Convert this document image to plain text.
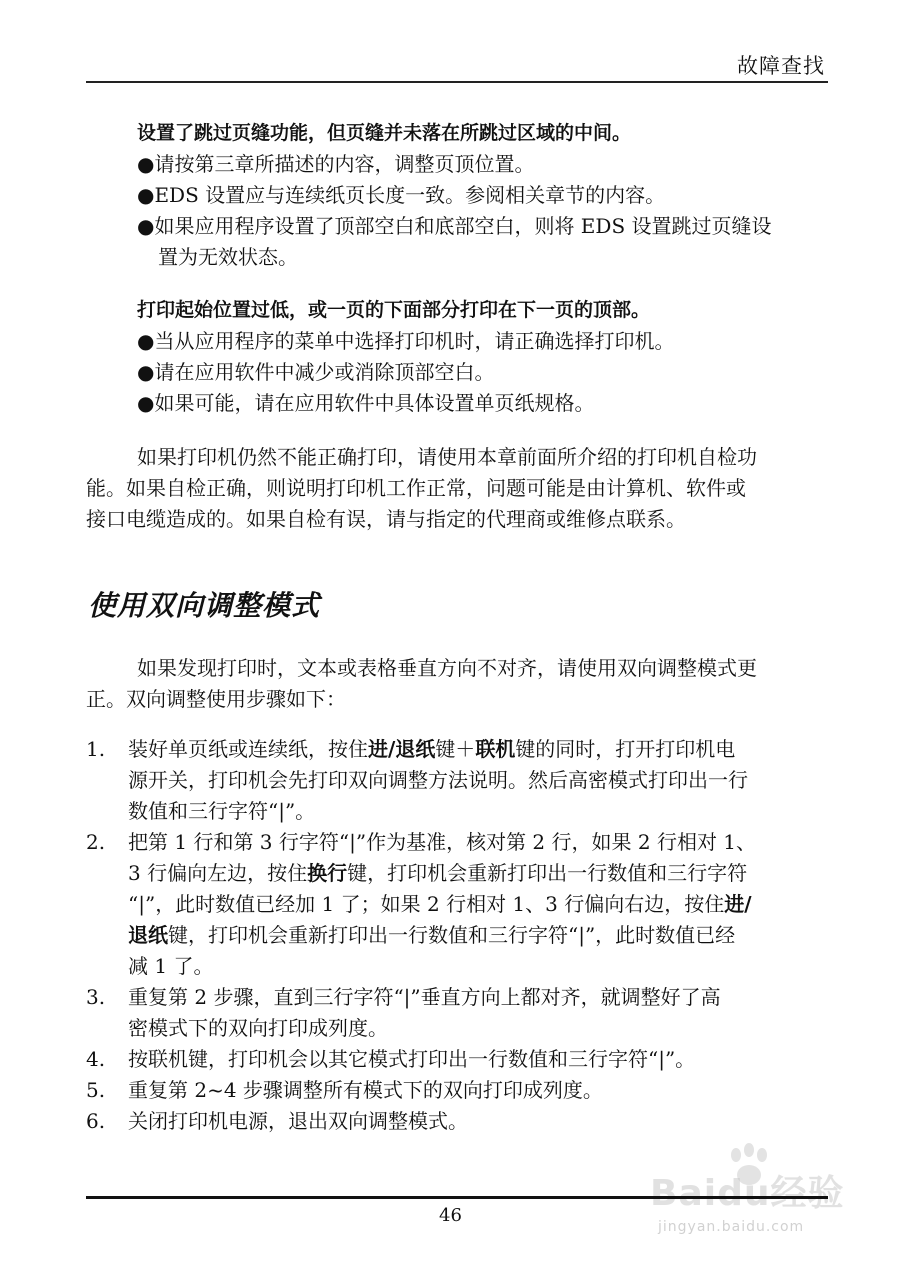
故障查找

设置了跳过页缝功能，但页缝并未落在所跳过区域的中间。

●请按第三章所描述的内容，调整页顶位置。

●EDS 设置应与连续纸页长度一致。参阅相关章节的内容。

●如果应用程序设置了顶部空白和底部空白，则将 EDS 设置跳过页缝设

置为无效状态。

打印起始位置过低，或一页的下面部分打印在下一页的顶部。

●当从应用程序的菜单中选择打印机时，请正确选择打印机。

●请在应用软件中减少或消除顶部空白。

●如果可能，请在应用软件中具体设置单页纸规格。

如果打印机仍然不能正确打印，请使用本章前面所介绍的打印机自检功

能。如果自检正确，则说明打印机工作正常，问题可能是由计算机、软件或

接口电缆造成的。如果自检有误，请与指定的代理商或维修点联系。

使用双向调整模式

如果发现打印时，文本或表格垂直方向不对齐，请使用双向调整模式更

正。双向调整使用步骤如下：

1. 装好单页纸或连续纸，按住进/退纸键＋联机键的同时，打开打印机电

源开关，打印机会先打印双向调整方法说明。然后高密模式打印出一行

数值和三行字符“|”。

2. 把第 1 行和第 3 行字符“|”作为基准，核对第 2 行，如果 2 行相对 1、

3 行偏向左边，按住换行键，打印机会重新打印出一行数值和三行字符

“|”，此时数值已经加 1 了；如果 2 行相对 1、3 行偏向右边，按住进/

退纸键，打印机会重新打印出一行数值和三行字符“|”，此时数值已经

减 1 了。

3. 重复第 2 步骤，直到三行字符“|”垂直方向上都对齐，就调整好了高

密模式下的双向打印成列度。

4. 按联机键，打印机会以其它模式打印出一行数值和三行字符“|”。

5. 重复第 2~4 步骤调整所有模式下的双向打印成列度。

6. 关闭打印机电源，退出双向调整模式。

Baidu经验
jingyan.baidu.com
46
